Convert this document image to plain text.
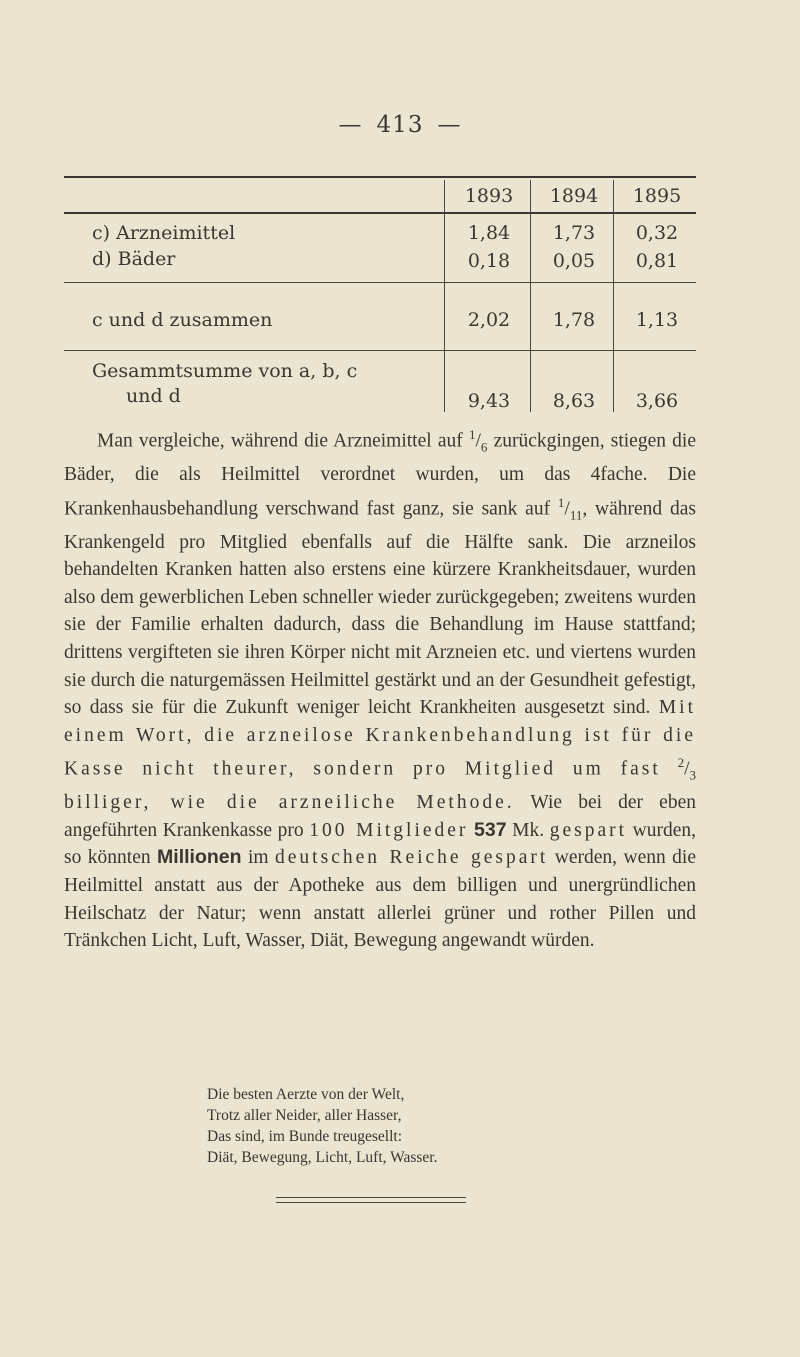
— 413 —
1893	1894	1895
c) Arzneimittel	1,84	1,73	0,32
d) Bäder	0,18	0,05	0,81
c und d zusammen	2,02	1,78	1,13
Gesammtsumme von a, b, c
und d	9,43	8,63	3,66

Man vergleiche, während die Arzneimittel auf $^1/_6$ zurückgingen, stiegen die Bäder, die als Heilmittel verordnet wurden, um das 4fache. Die Krankenhausbehandlung verschwand fast ganz, sie sank auf $^1/_{11}$, während das Krankengeld pro Mitglied ebenfalls auf die Hälfte sank. Die arzneilos behandelten Kranken hatten also erstens eine kürzere Krankheitsdauer, wurden also dem gewerblichen Leben schneller wieder zurückgegeben; zweitens wurden sie der Familie erhalten dadurch, dass die Behandlung im Hause stattfand; drittens vergifteten sie ihren Körper nicht mit Arzneien etc. und viertens wurden sie durch die naturgemässen Heilmittel gestärkt und an der Gesundheit gefestigt, so dass sie für die Zukunft weniger leicht Krankheiten ausgesetzt sind. Mit einem Wort, die arzneilose Krankenbehandlung ist für die Kasse nicht theurer, sondern pro Mitglied um fast $^2/_3$ billiger, wie die arzneiliche Methode. Wie bei der eben angeführten Krankenkasse pro 100 Mitglieder 537 Mk. gespart wurden, so könnten Millionen im deutschen Reiche gespart werden, wenn die Heilmittel anstatt aus der Apotheke aus dem billigen und unergründlichen Heilschatz der Natur; wenn anstatt allerlei grüner und rother Pillen und Tränkchen Licht, Luft, Wasser, Diät, Bewegung angewandt würden.

Die besten Aerzte von der Welt,
Trotz aller Neider, aller Hasser,
Das sind, im Bunde treugesellt:
Diät, Bewegung, Licht, Luft, Wasser.
